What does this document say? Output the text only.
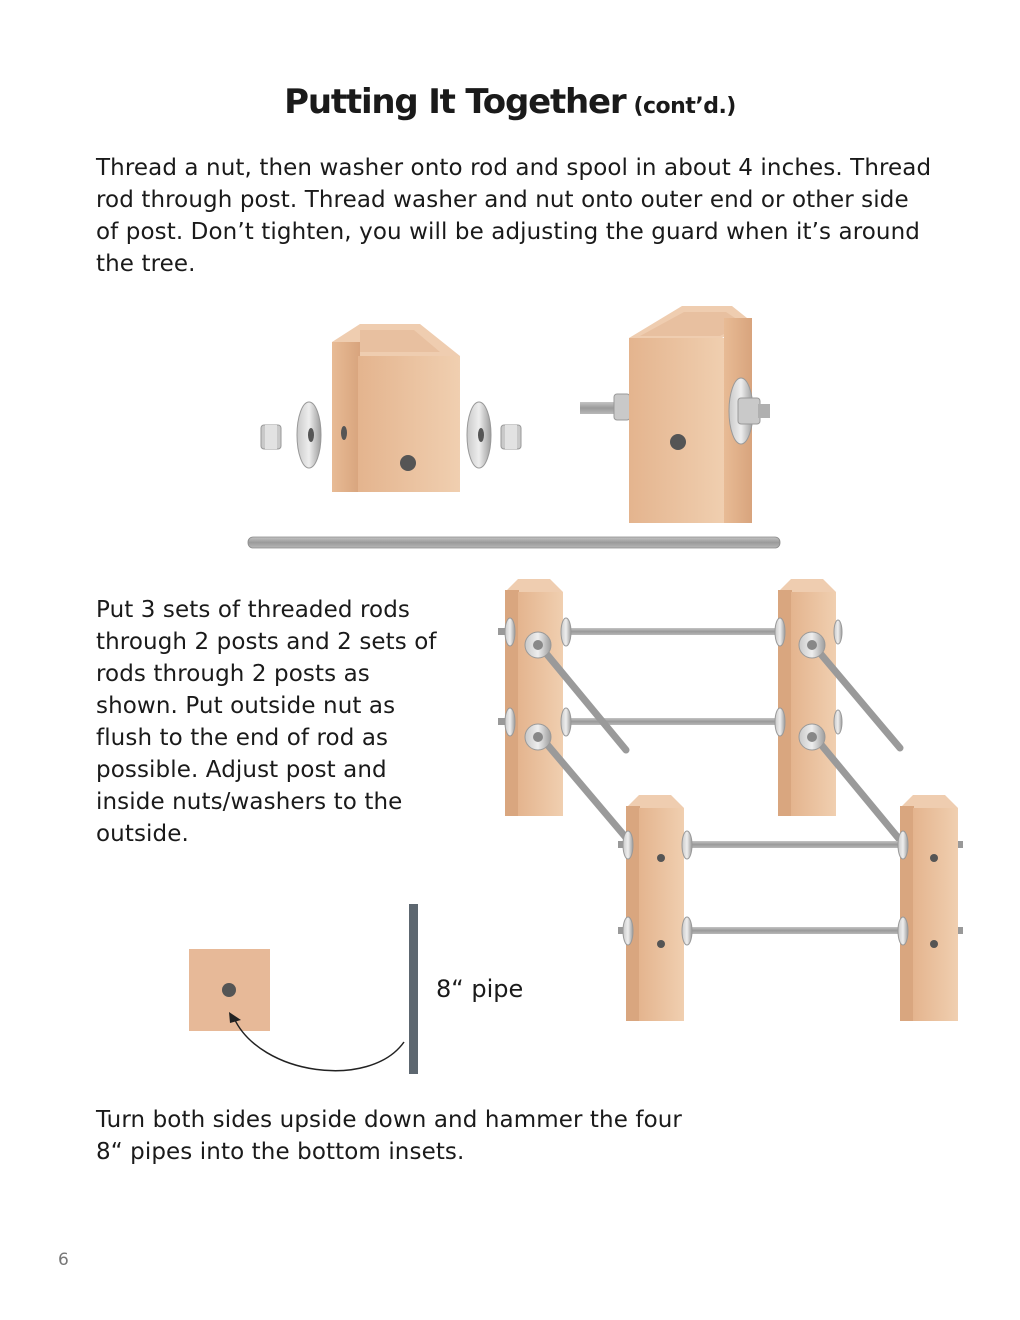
Putting It Together (cont’d.)

Thread a nut, then washer onto rod and spool in about 4 inches. Thread rod through post. Thread washer and nut onto outer end or other side of post. Don’t tighten, you will be adjusting the guard when it’s around the tree.

Put 3 sets of threaded rods through 2 posts and 2 sets of rods through 2 posts as shown. Put outside nut as flush to the end of rod as possible. Adjust post and inside nuts/washers to the outside.

8“ pipe

Turn both sides upside down and hammer the four 8“ pipes into the bottom insets.

6
